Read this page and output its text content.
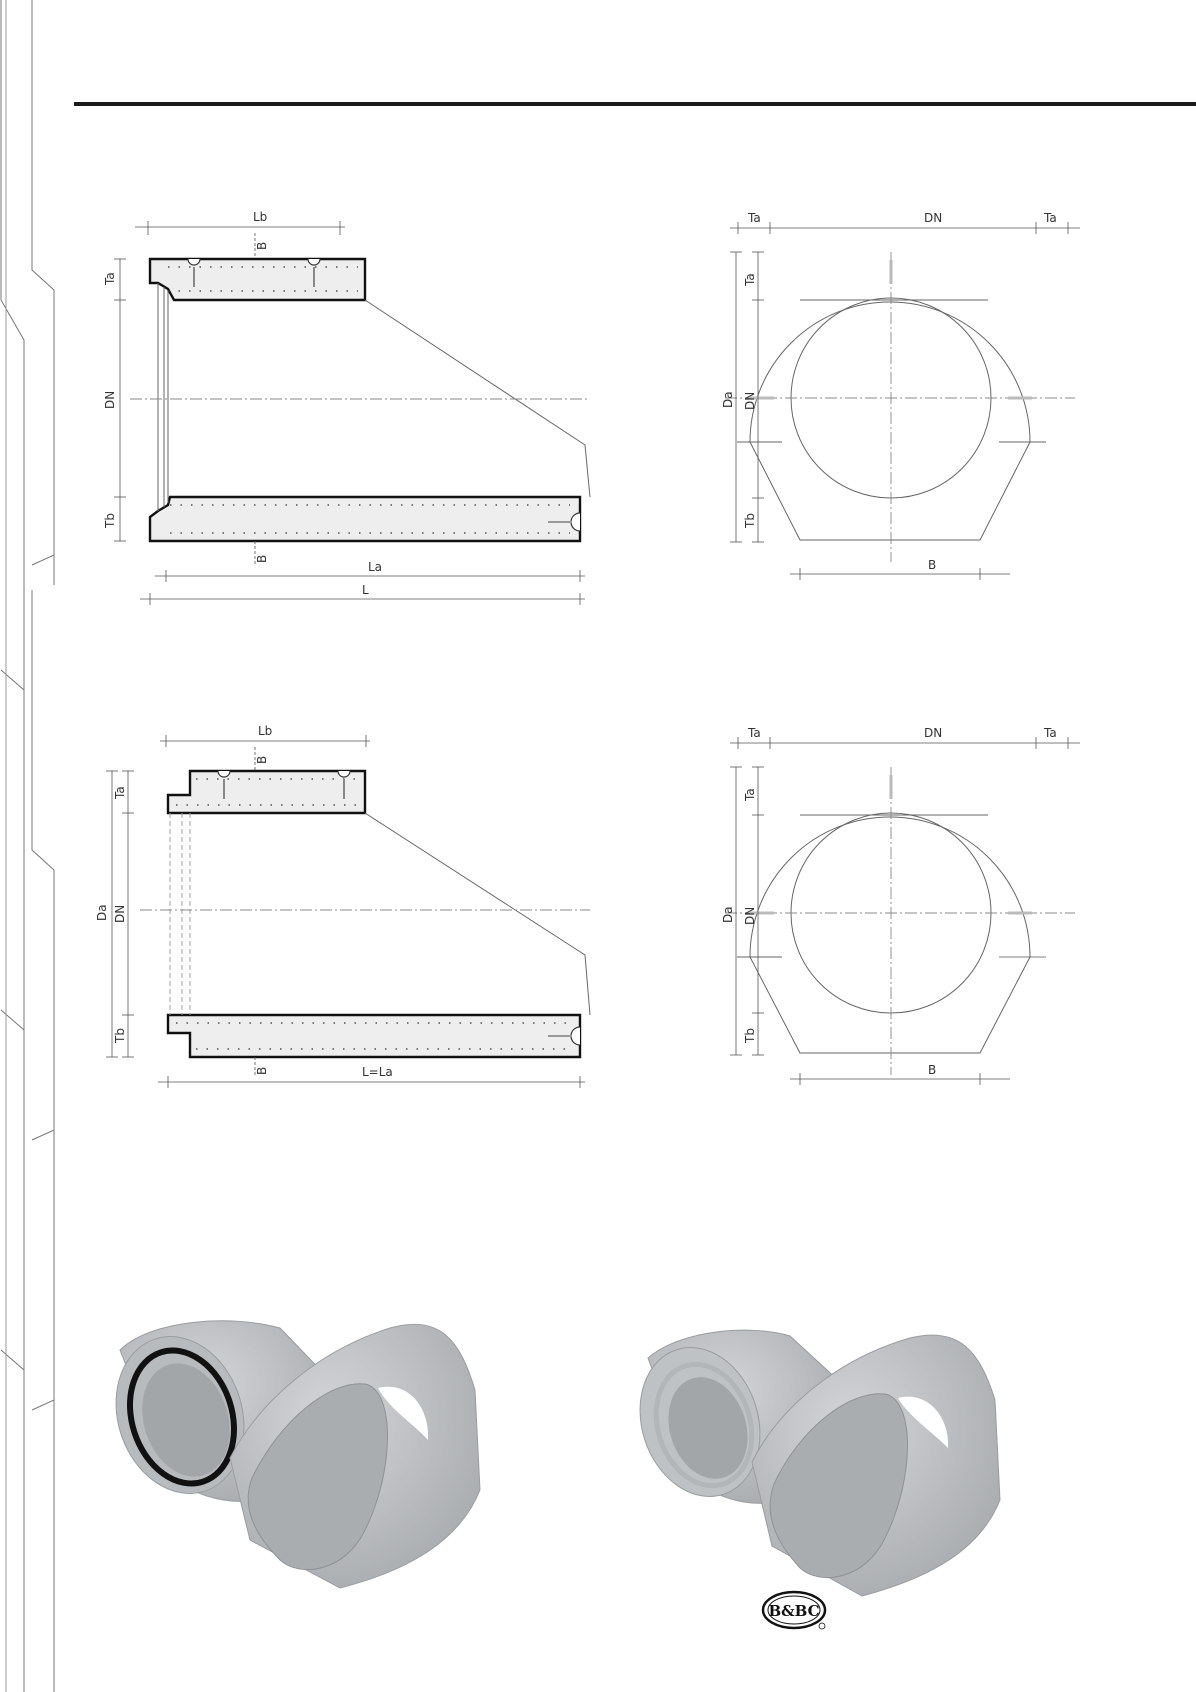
Lb
B
Ta
DN
Tb
B
La
L
Ta	DN	Ta
Da
Ta
DN
Tb
B
Lb
B
Da
Ta
DN
Tb
B	L=La
Ta	DN	Ta
Da
Ta
DN
Tb
B
B&BC
